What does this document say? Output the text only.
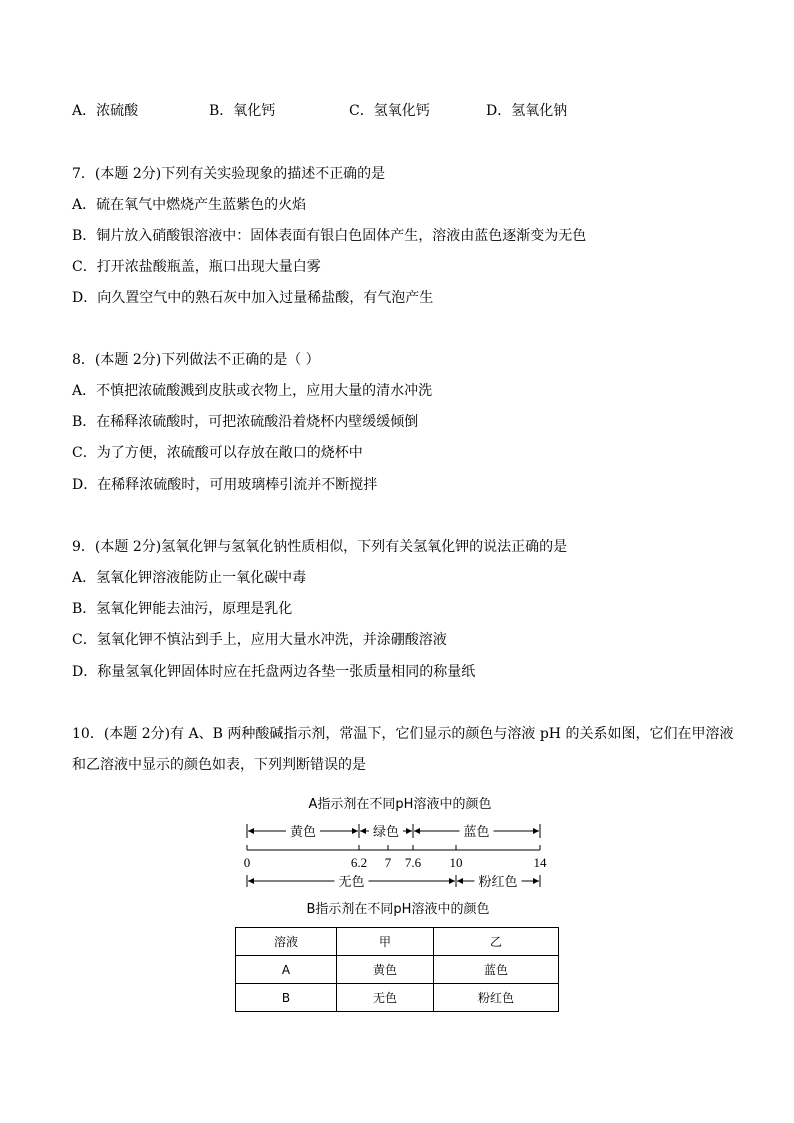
A．浓硫酸	B．氧化钙	C．氢氧化钙	D．氢氧化钠
7．(本题 2分)下列有关实验现象的描述不正确的是
A．硫在氧气中燃烧产生蓝紫色的火焰
B．铜片放入硝酸银溶液中：固体表面有银白色固体产生，溶液由蓝色逐渐变为无色
C．打开浓盐酸瓶盖，瓶口出现大量白雾
D．向久置空气中的熟石灰中加入过量稀盐酸，有气泡产生
8．(本题 2分)下列做法不正确的是（ ）
A．不慎把浓硫酸溅到皮肤或衣物上，应用大量的清水冲洗
B．在稀释浓硫酸时，可把浓硫酸沿着烧杯内壁缓缓倾倒
C．为了方便，浓硫酸可以存放在敞口的烧杯中
D．在稀释浓硫酸时，可用玻璃棒引流并不断搅拌
9．(本题 2分)氢氧化钾与氢氧化钠性质相似，下列有关氢氧化钾的说法正确的是
A．氢氧化钾溶液能防止一氧化碳中毒
B．氢氧化钾能去油污，原理是乳化
C．氢氧化钾不慎沾到手上，应用大量水冲洗，并涂硼酸溶液
D．称量氢氧化钾固体时应在托盘两边各垫一张质量相同的称量纸
10．(本题 2分)有 A、B 两种酸碱指示剂，常温下，它们显示的颜色与溶液 pH 的关系如图，它们在甲溶液
和乙溶液中显示的颜色如表，下列判断错误的是
A指示剂在不同pH溶液中的颜色
黄色	绿色	蓝色
0	6.2 7 7.6 10	14
无色	粉红色
B指示剂在不同pH溶液中的颜色
溶液	甲	乙
A	黄色	蓝色
B	无色	粉红色
